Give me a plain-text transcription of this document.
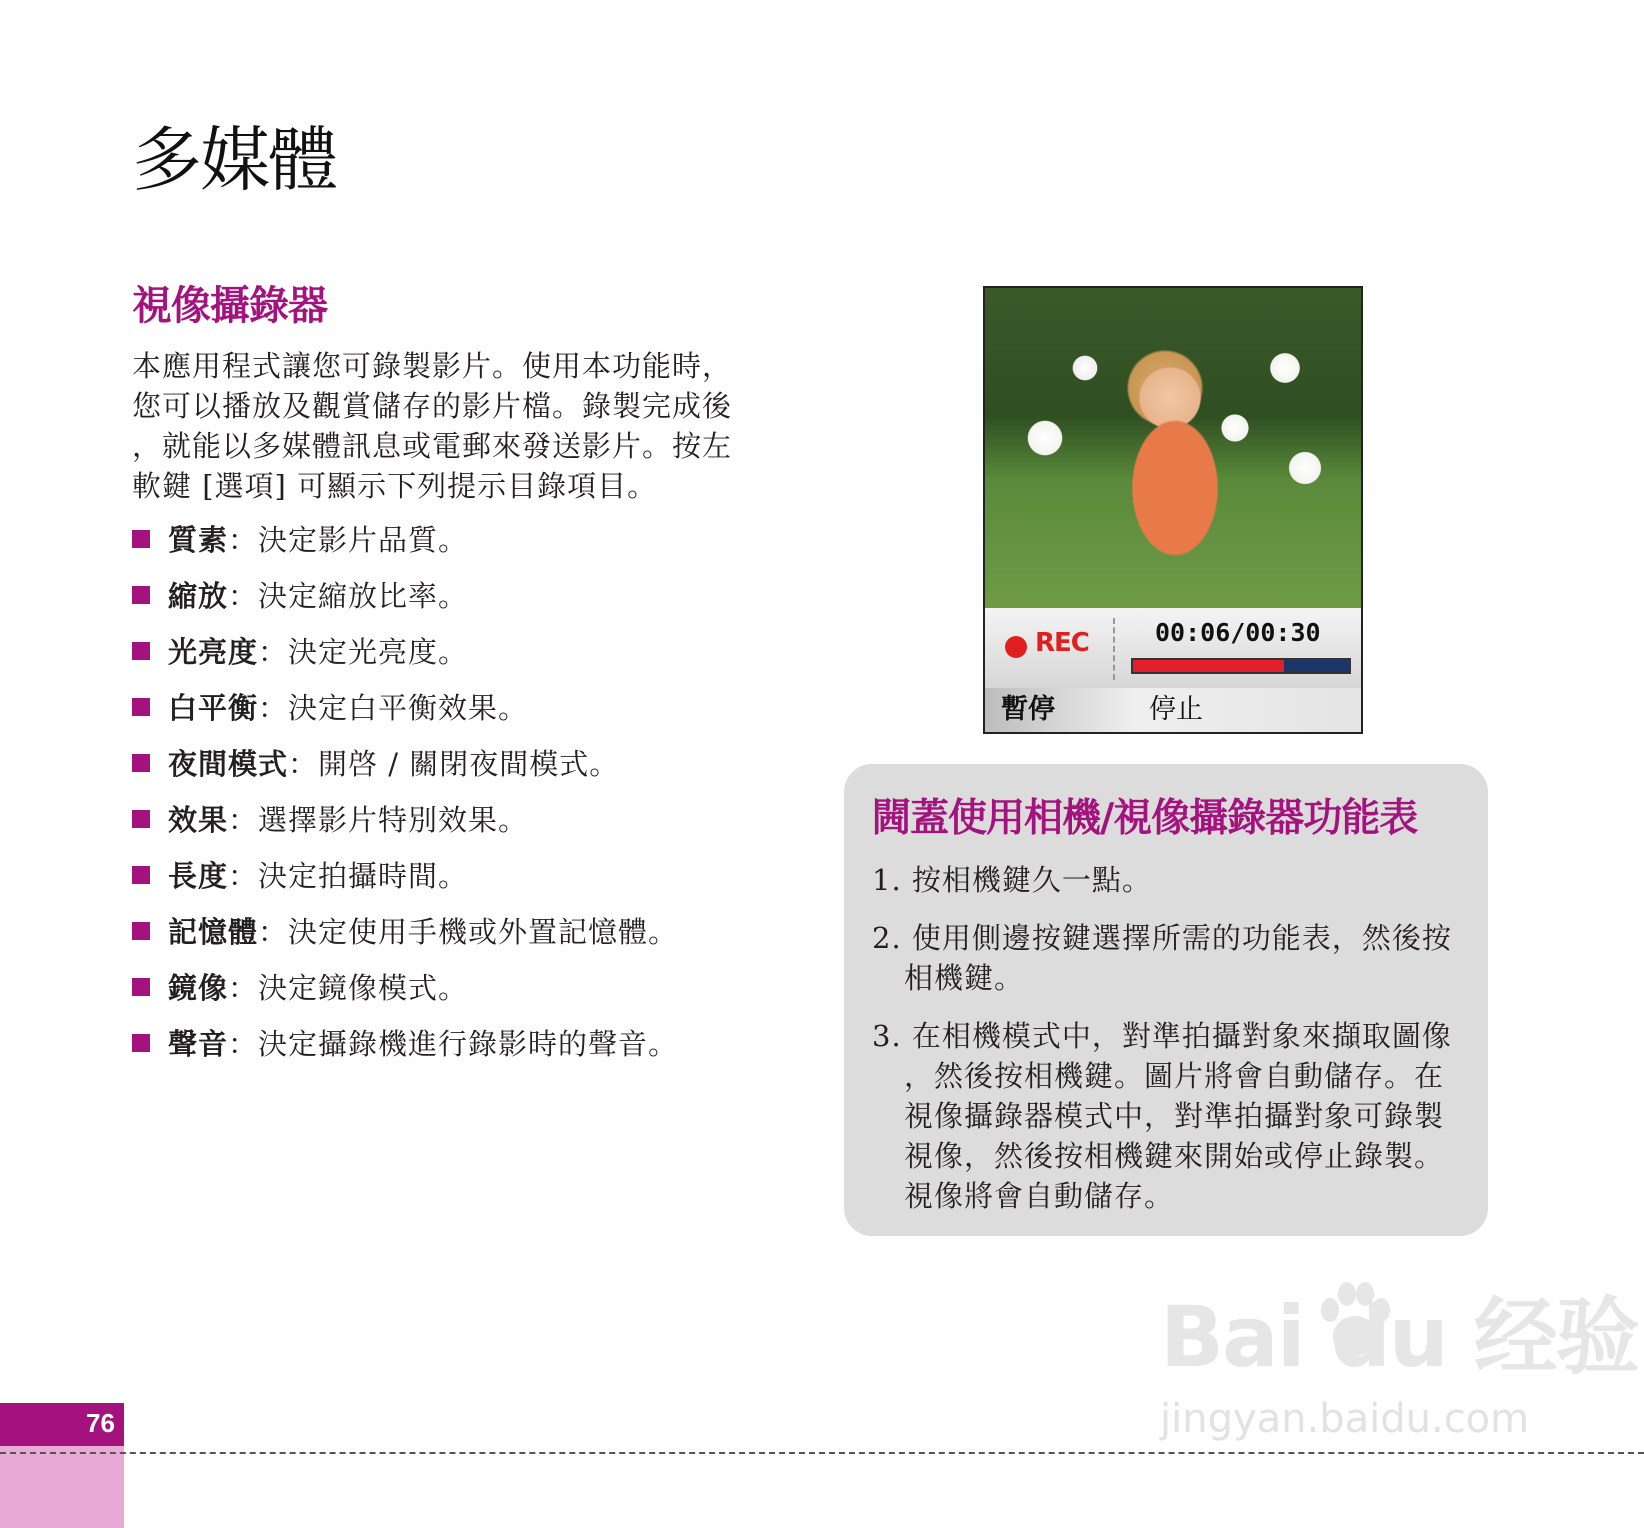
多媒體
視像攝錄器
本應用程式讓您可錄製影片。使用本功能時，
您可以播放及觀賞儲存的影片檔。錄製完成後
，就能以多媒體訊息或電郵來發送影片。按左
軟鍵 [選項] 可顯示下列提示目錄項目。
質素：決定影片品質。
縮放：決定縮放比率。
光亮度：決定光亮度。
白平衡：決定白平衡效果。
夜間模式：開啓 / 關閉夜間模式。
效果：選擇影片特別效果。
長度：決定拍攝時間。
記憶體：決定使用手機或外置記憶體。
鏡像：決定鏡像模式。
聲音：決定攝錄機進行錄影時的聲音。
REC	00:06/00:30
暫停	停止
閪蓋使用相機/視像攝錄器功能表
1. 按相機鍵久一點。
2. 使用側邊按鍵選擇所需的功能表，然後按
相機鍵。
3. 在相機模式中，對準拍攝對象來擷取圖像
，然後按相機鍵。圖片將會自動儲存。在
視像攝錄器模式中，對準拍攝對象可錄製
視像，然後按相機鍵來開始或停止錄製。
視像將會自動儲存。
Bai du 经验
jingyan.baidu.com
76
